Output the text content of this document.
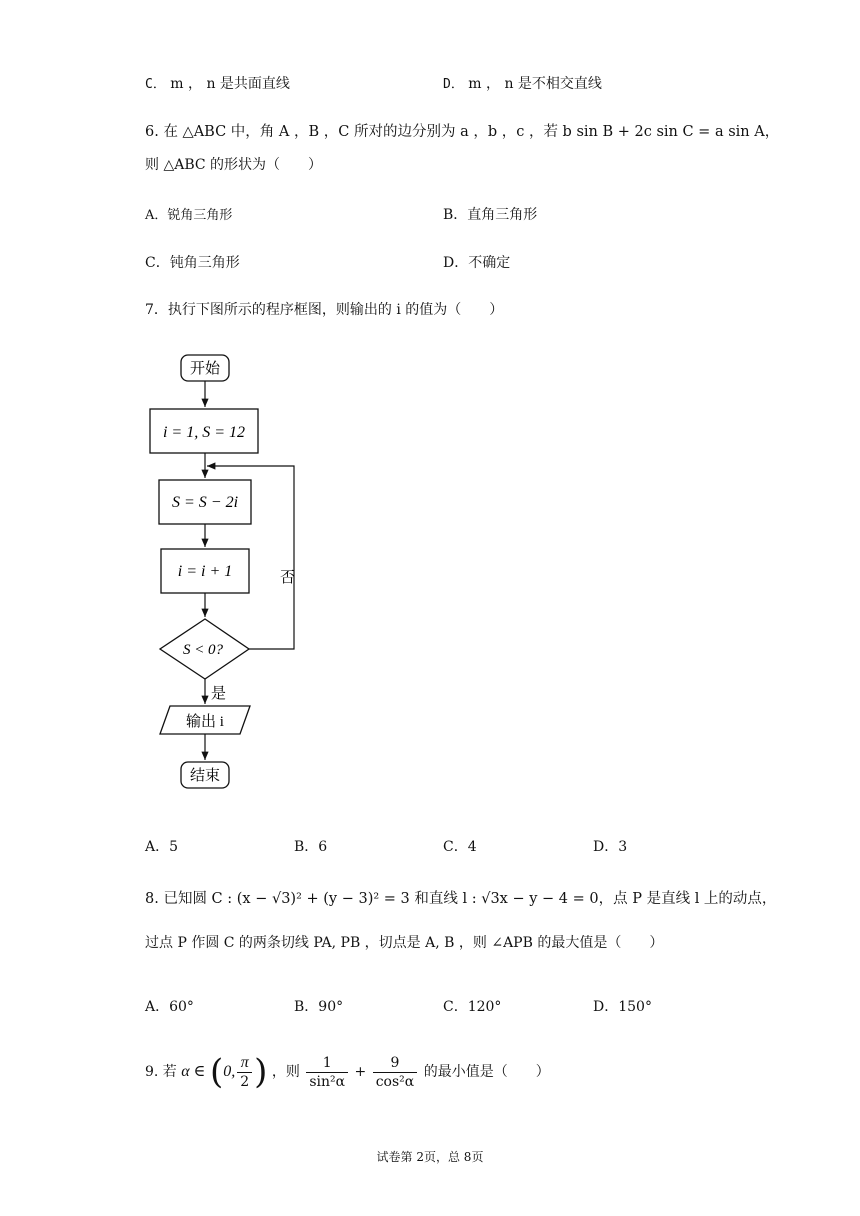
C． m ， n 是共面直线	D． m ， n 是不相交直线
6. 在 △ABC 中，角 A ，B ，C 所对的边分别为 a ，b ，c ，若 b sin B + 2c sin C = a sin A，
则 △ABC 的形状为（　　）
A．锐角三角形	B．直角三角形
C．钝角三角形	D．不确定
7．执行下图所示的程序框图，则输出的 i 的值为（　　）
开始
i = 1, S = 12
S = S − 2i
i = i + 1
S < 0?
否
是
输出 i
结束
A．5	B．6	C．4	D．3
8. 已知圆 C : (x − √3)² + (y − 3)² = 3 和直线 l : √3x − y − 4 = 0，点 P 是直线 l 上的动点，
过点 P 作圆 C 的两条切线 PA, PB ，切点是 A, B ，则 ∠APB 的最大值是（　　）
A．60°	B．90°	C．120°	D．150°
9. 若 α ∈ (0, $\frac{\pi}{2}$ ) ，则 $\frac{1}{\text{sin²α}} + \frac{9}{\text{cos²α}}$ 的最小值是（　　）
试卷第 2页，总 8页
